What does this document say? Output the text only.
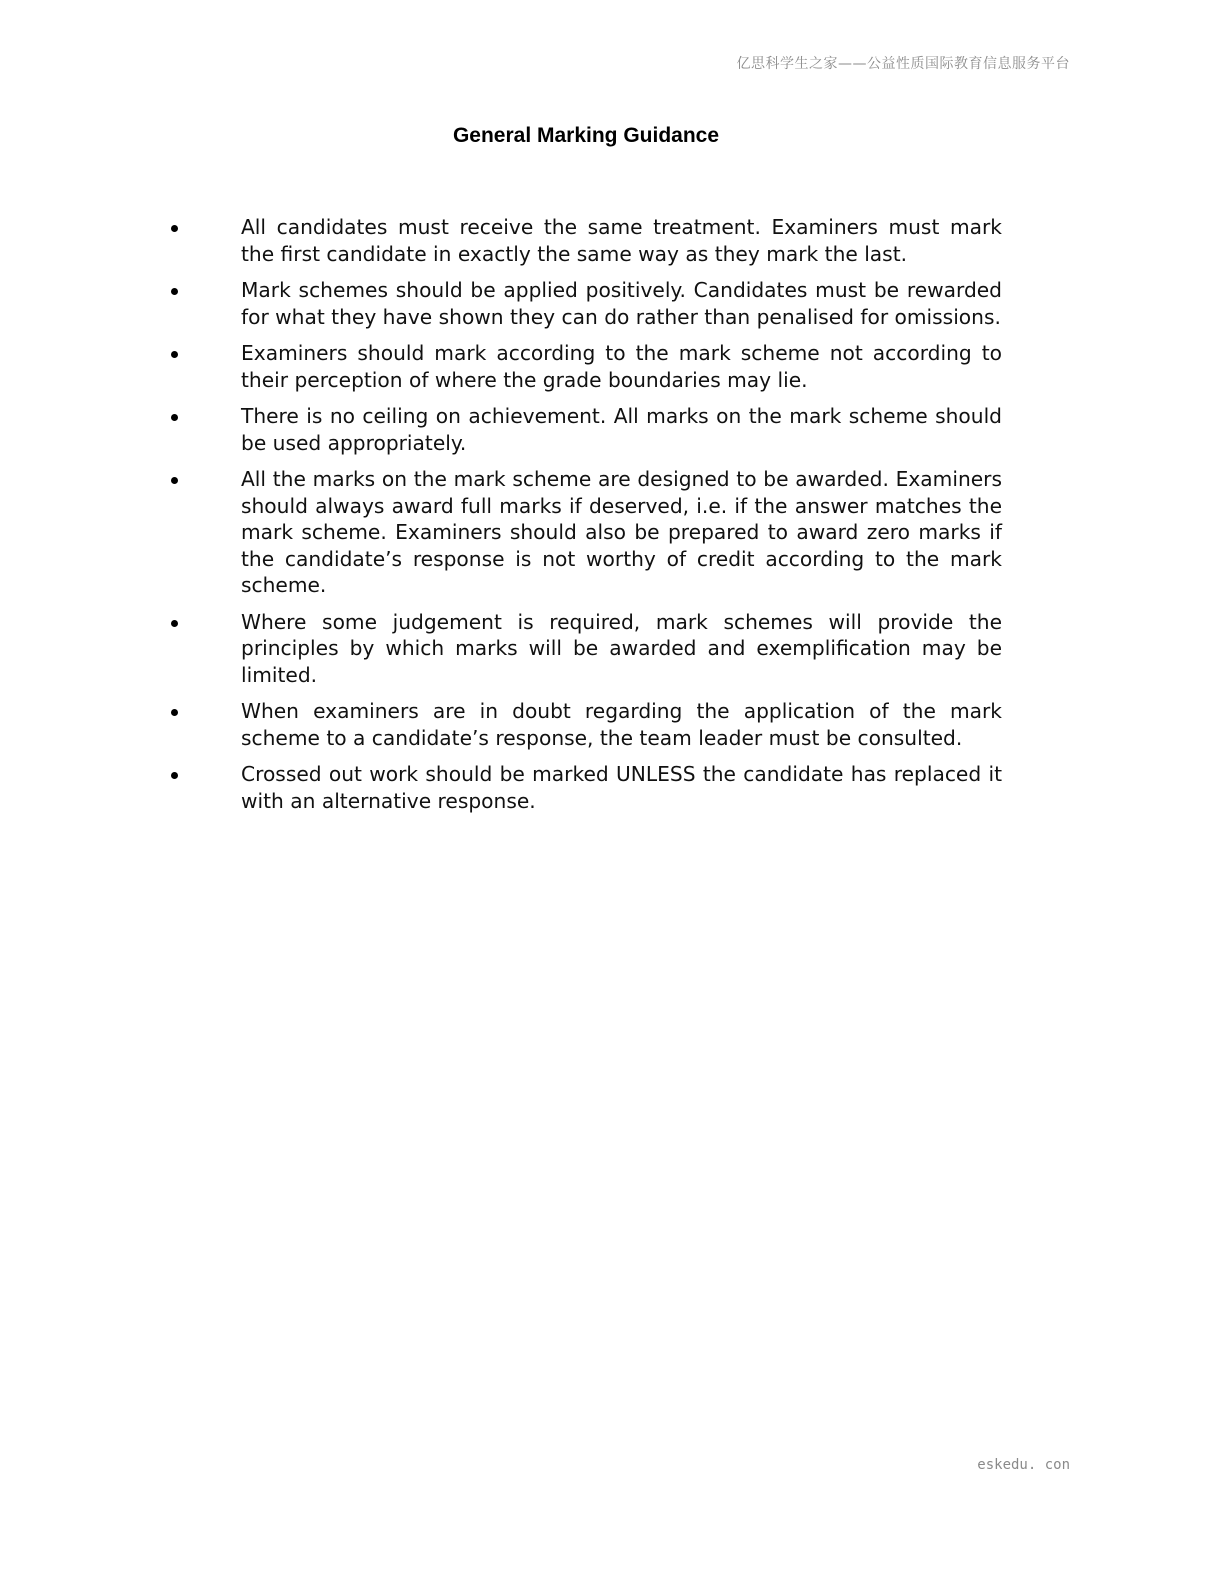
亿思科学生之家——公益性质国际教育信息服务平台
General Marking Guidance
All candidates must receive the same treatment. Examiners must mark the first candidate in exactly the same way as they mark the last.
Mark schemes should be applied positively. Candidates must be rewarded for what they have shown they can do rather than penalised for omissions.
Examiners should mark according to the mark scheme not according to their perception of where the grade boundaries may lie.
There is no ceiling on achievement. All marks on the mark scheme should be used appropriately.
All the marks on the mark scheme are designed to be awarded. Examiners should always award full marks if deserved, i.e. if the answer matches the mark scheme. Examiners should also be prepared to award zero marks if the candidate’s response is not worthy of credit according to the mark scheme.
Where some judgement is required, mark schemes will provide the principles by which marks will be awarded and exemplification may be limited.
When examiners are in doubt regarding the application of the mark scheme to a candidate’s response, the team leader must be consulted.
Crossed out work should be marked UNLESS the candidate has replaced it with an alternative response.
eskedu. con
